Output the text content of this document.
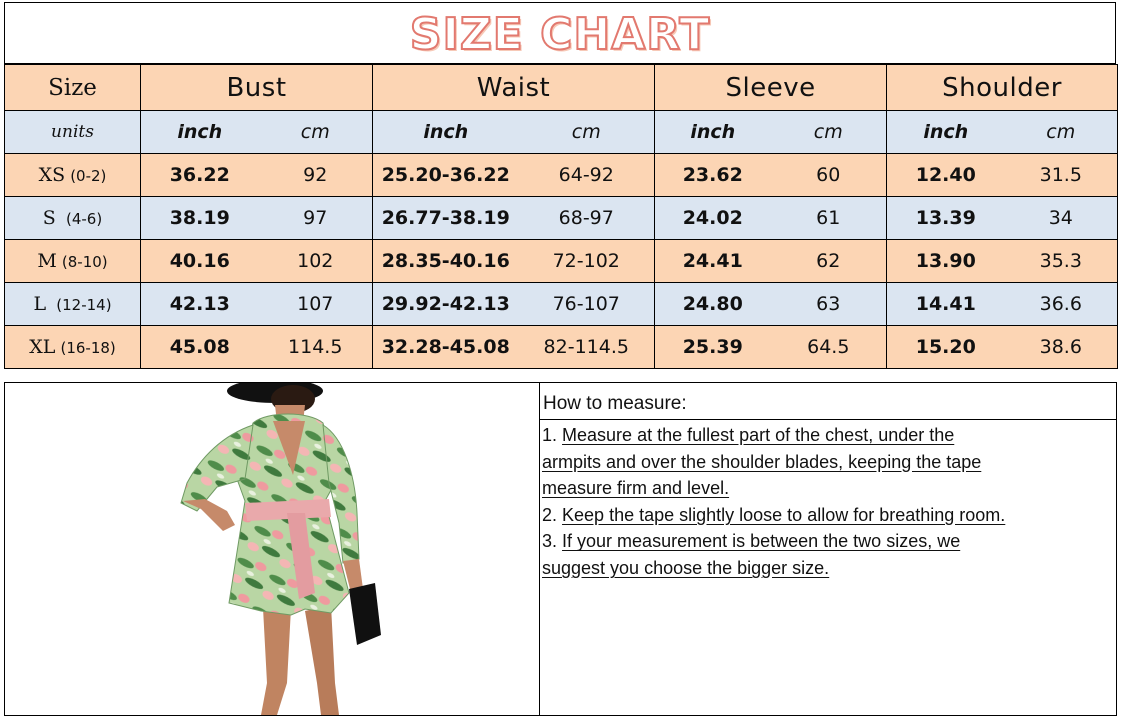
SIZE CHART
Size	Bust		Waist		Sleeve		Shoulder	
units	inch	cm	inch	cm	inch	cm	inch	cm
XS (0-2)	36.22	92	25.20-36.22	64-92	23.62	60	12.40	31.5
S (4-6)	38.19	97	26.77-38.19	68-97	24.02	61	13.39	34
M (8-10)	40.16	102	28.35-40.16	72-102	24.41	62	13.90	35.3
L (12-14)	42.13	107	29.92-42.13	76-107	24.80	63	14.41	36.6
XL (16-18)	45.08	114.5	32.28-45.08	82-114.5	25.39	64.5	15.20	38.6
How to measure:

1. Measure at the fullest part of the chest, under the

armpits and over the shoulder blades, keeping the tape

measure firm and level.

2. Keep the tape slightly loose to allow for breathing room.

3. If your measurement is between the two sizes, we

suggest you choose the bigger size.
